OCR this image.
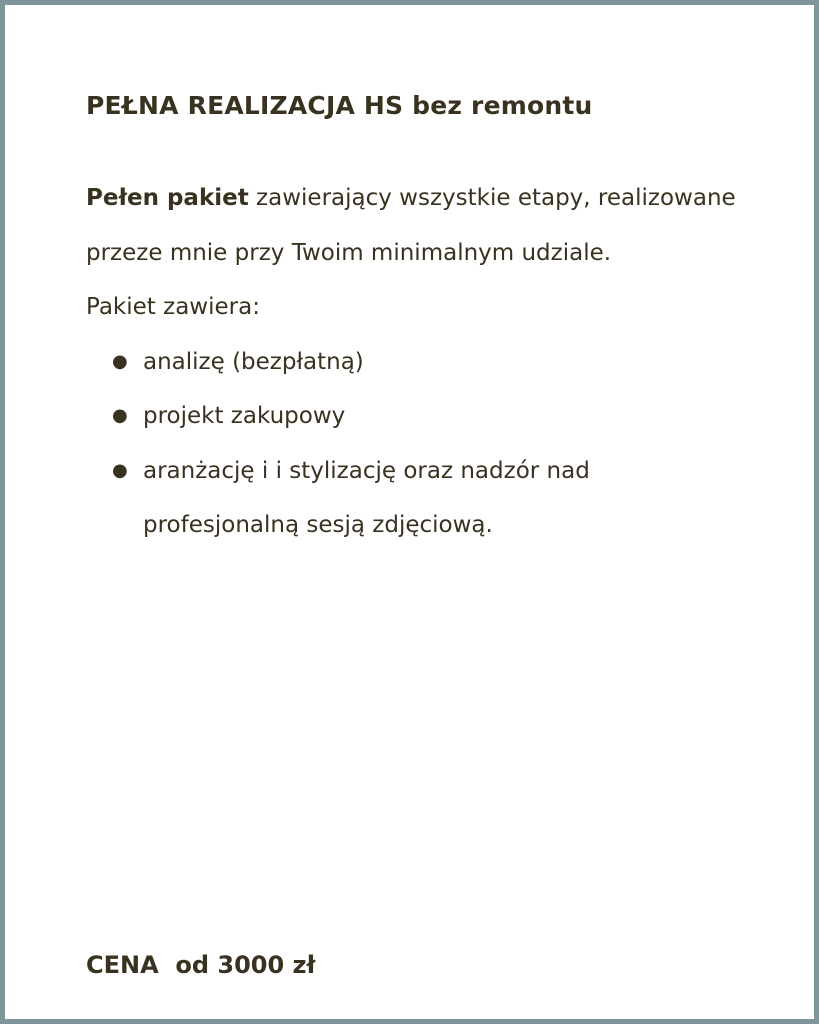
PEŁNA REALIZACJA HS bez remontu

Pełen pakiet zawierający wszystkie etapy, realizowane przeze mnie przy Twoim minimalnym udziale.

Pakiet zawiera:

● analizę (bezpłatną)
● projekt zakupowy
● aranżację i i stylizację oraz nadzór nad profesjonalną sesją zdjęciową.

CENA  od 3000 zł
